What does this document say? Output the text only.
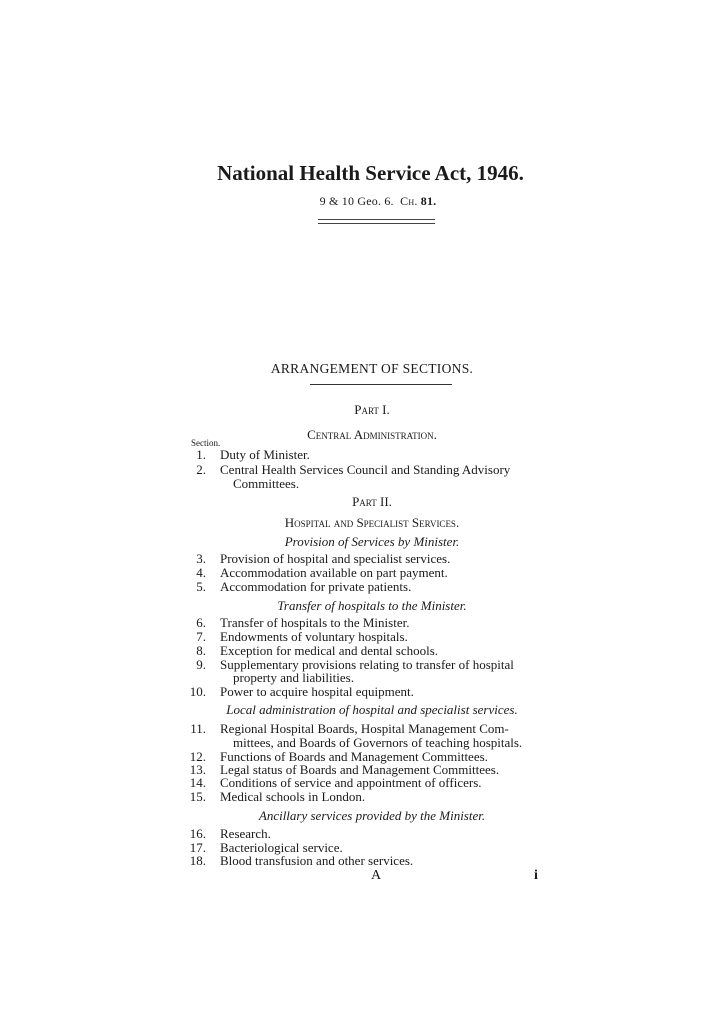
National Health Service Act, 1946.
9 & 10 Geo. 6. Ch. 81.
ARRANGEMENT OF SECTIONS.
Part I.
Central Administration.
Section.
1. Duty of Minister.
2. Central Health Services Council and Standing Advisory
Committees.
Part II.
Hospital and Specialist Services.
Provision of Services by Minister.
3. Provision of hospital and specialist services.
4. Accommodation available on part payment.
5. Accommodation for private patients.
Transfer of hospitals to the Minister.
6. Transfer of hospitals to the Minister.
7. Endowments of voluntary hospitals.
8. Exception for medical and dental schools.
9. Supplementary provisions relating to transfer of hospital
property and liabilities.
10. Power to acquire hospital equipment.
Local administration of hospital and specialist services.
11. Regional Hospital Boards, Hospital Management Com-
mittees, and Boards of Governors of teaching hospitals.
12. Functions of Boards and Management Committees.
13. Legal status of Boards and Management Committees.
14. Conditions of service and appointment of officers.
15. Medical schools in London.
Ancillary services provided by the Minister.
16. Research.
17. Bacteriological service.
18. Blood transfusion and other services.
A	i
